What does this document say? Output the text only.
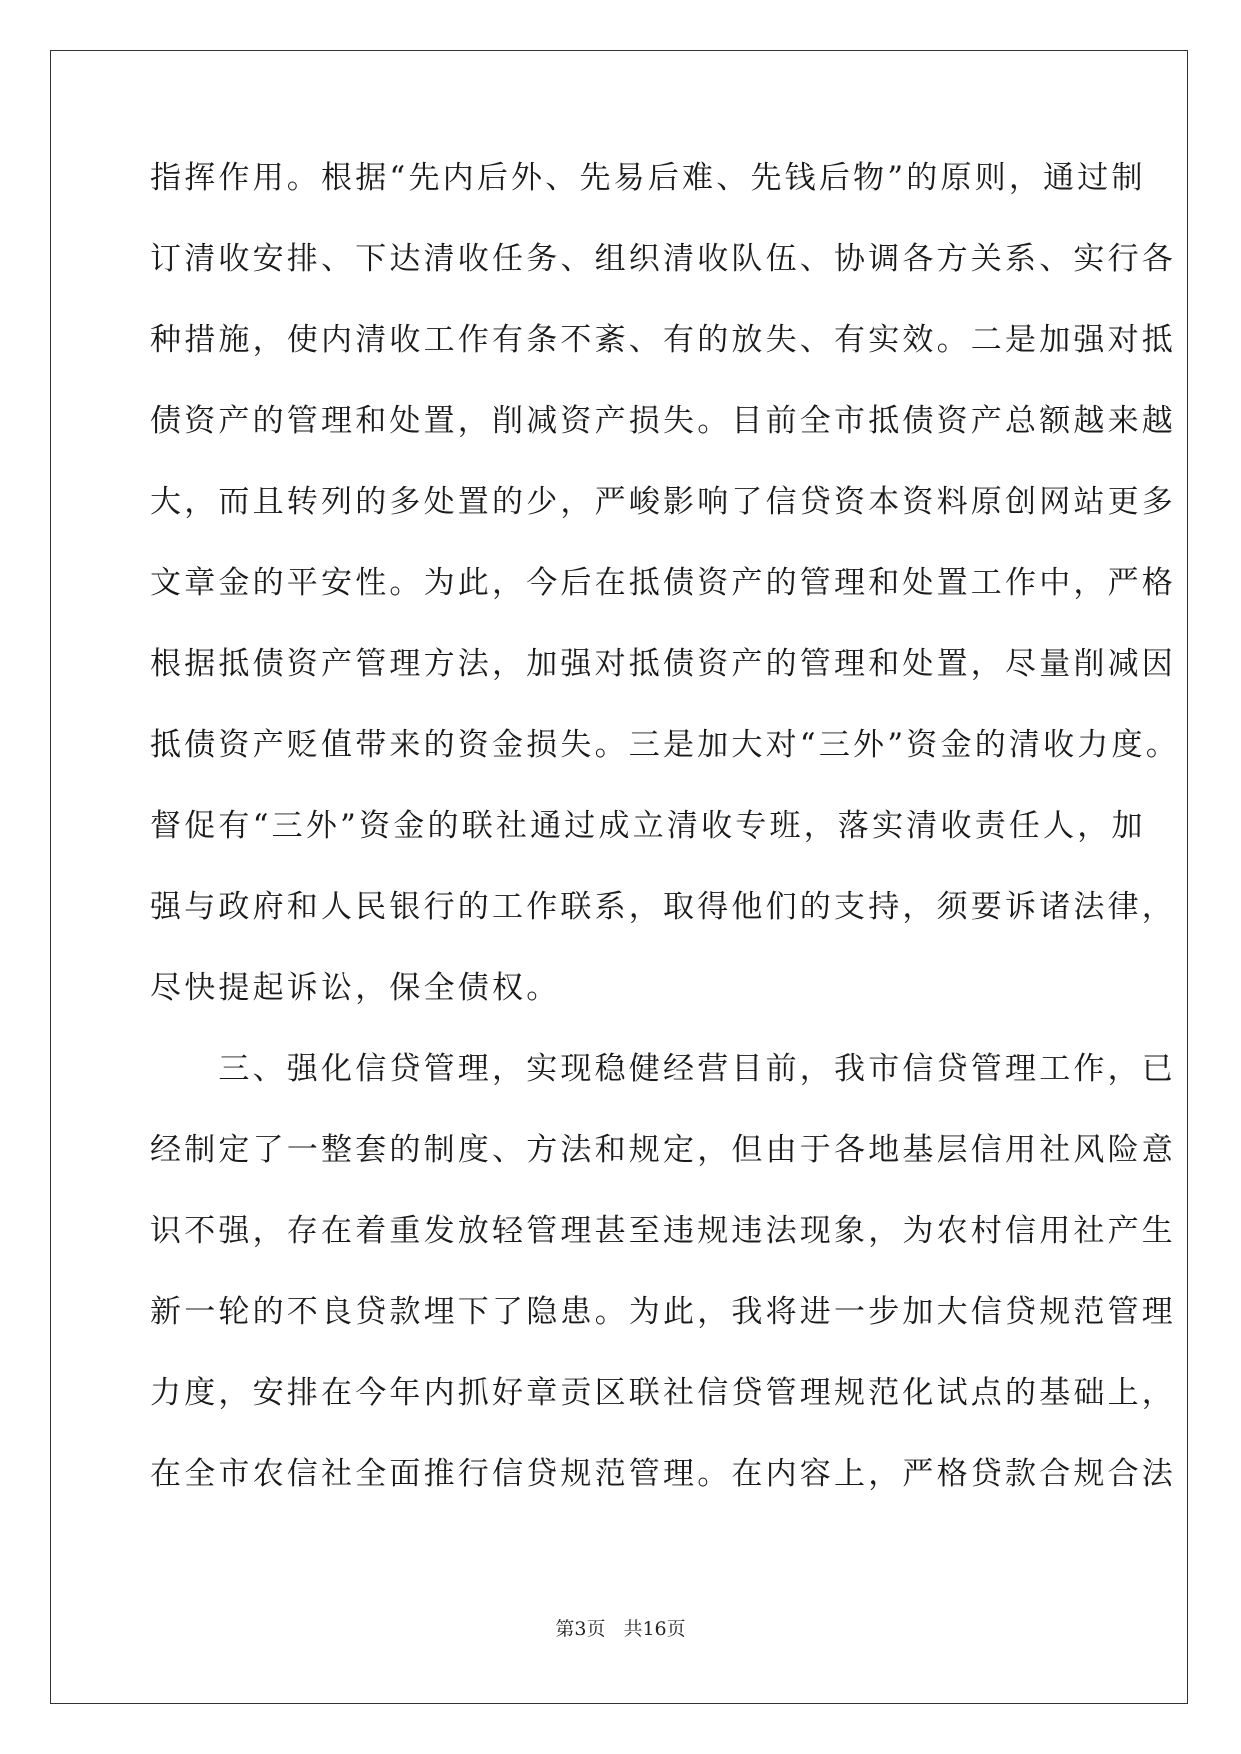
指挥作用。根据“先内后外、先易后难、先钱后物”的原则，通过制
订清收安排、下达清收任务、组织清收队伍、协调各方关系、实行各
种措施，使内清收工作有条不紊、有的放失、有实效。二是加强对抵
债资产的管理和处置，削减资产损失。目前全市抵债资产总额越来越
大，而且转列的多处置的少，严峻影响了信贷资本资料原创网站更多
文章金的平安性。为此，今后在抵债资产的管理和处置工作中，严格
根据抵债资产管理方法，加强对抵债资产的管理和处置，尽量削减因
抵债资产贬值带来的资金损失。三是加大对“三外”资金的清收力度。
督促有“三外”资金的联社通过成立清收专班，落实清收责任人，加
强与政府和人民银行的工作联系，取得他们的支持，须要诉诸法律，
尽快提起诉讼，保全债权。
　　三、强化信贷管理，实现稳健经营目前，我市信贷管理工作，已
经制定了一整套的制度、方法和规定，但由于各地基层信用社风险意
识不强，存在着重发放轻管理甚至违规违法现象，为农村信用社产生
新一轮的不良贷款埋下了隐患。为此，我将进一步加大信贷规范管理
力度，安排在今年内抓好章贡区联社信贷管理规范化试点的基础上，
在全市农信社全面推行信贷规范管理。在内容上，严格贷款合规合法
第3页 共16页
